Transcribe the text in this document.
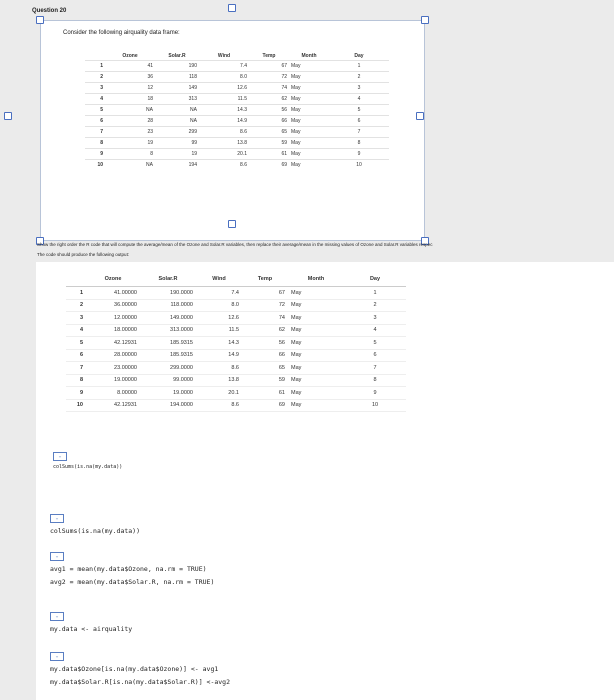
Question 20
Consider the following airquality data frame:
	Ozone	Solar.R	Wind	Temp	Month	Day
1	41	190	7.4	67	May	1
2	36	118	8.0	72	May	2
3	12	149	12.6	74	May	3
4	18	313	11.5	62	May	4
5	NA	NA	14.3	56	May	5
6	28	NA	14.9	66	May	6
7	23	299	8.6	65	May	7
8	19	99	13.8	59	May	8
9	8	19	20.1	61	May	9
10	NA	194	8.6	69	May	10
Show the right order the R code that will compute the average/mean of the Ozone and Solar.R variables, then replace their average/mean in the missing values of Ozone and Solar.R variables respec
The code should produce the following output:
	Ozone	Solar.R	Wind	Temp	Month	Day
1	41.00000	190.0000	7.4	67	May	1
2	36.00000	118.0000	8.0	72	May	2
3	12.00000	149.0000	12.6	74	May	3
4	18.00000	313.0000	11.5	62	May	4
5	42.12931	185.9315	14.3	56	May	5
6	28.00000	185.9315	14.9	66	May	6
7	23.00000	299.0000	8.6	65	May	7
8	19.00000	99.0000	13.8	59	May	8
9	8.00000	19.0000	20.1	61	May	9
10	42.12931	194.0000	8.6	69	May	10
⌄
colSums(is.na(my.data))
⌄
colSums(is.na(my.data))
⌄
avg1 = mean(my.data$Ozone, na.rm = TRUE)
avg2 = mean(my.data$Solar.R, na.rm = TRUE)
⌄
my.data <- airquality
⌄
my.data$Ozone[is.na(my.data$Ozone)] <- avg1
my.data$Solar.R[is.na(my.data$Solar.R)] <-avg2
